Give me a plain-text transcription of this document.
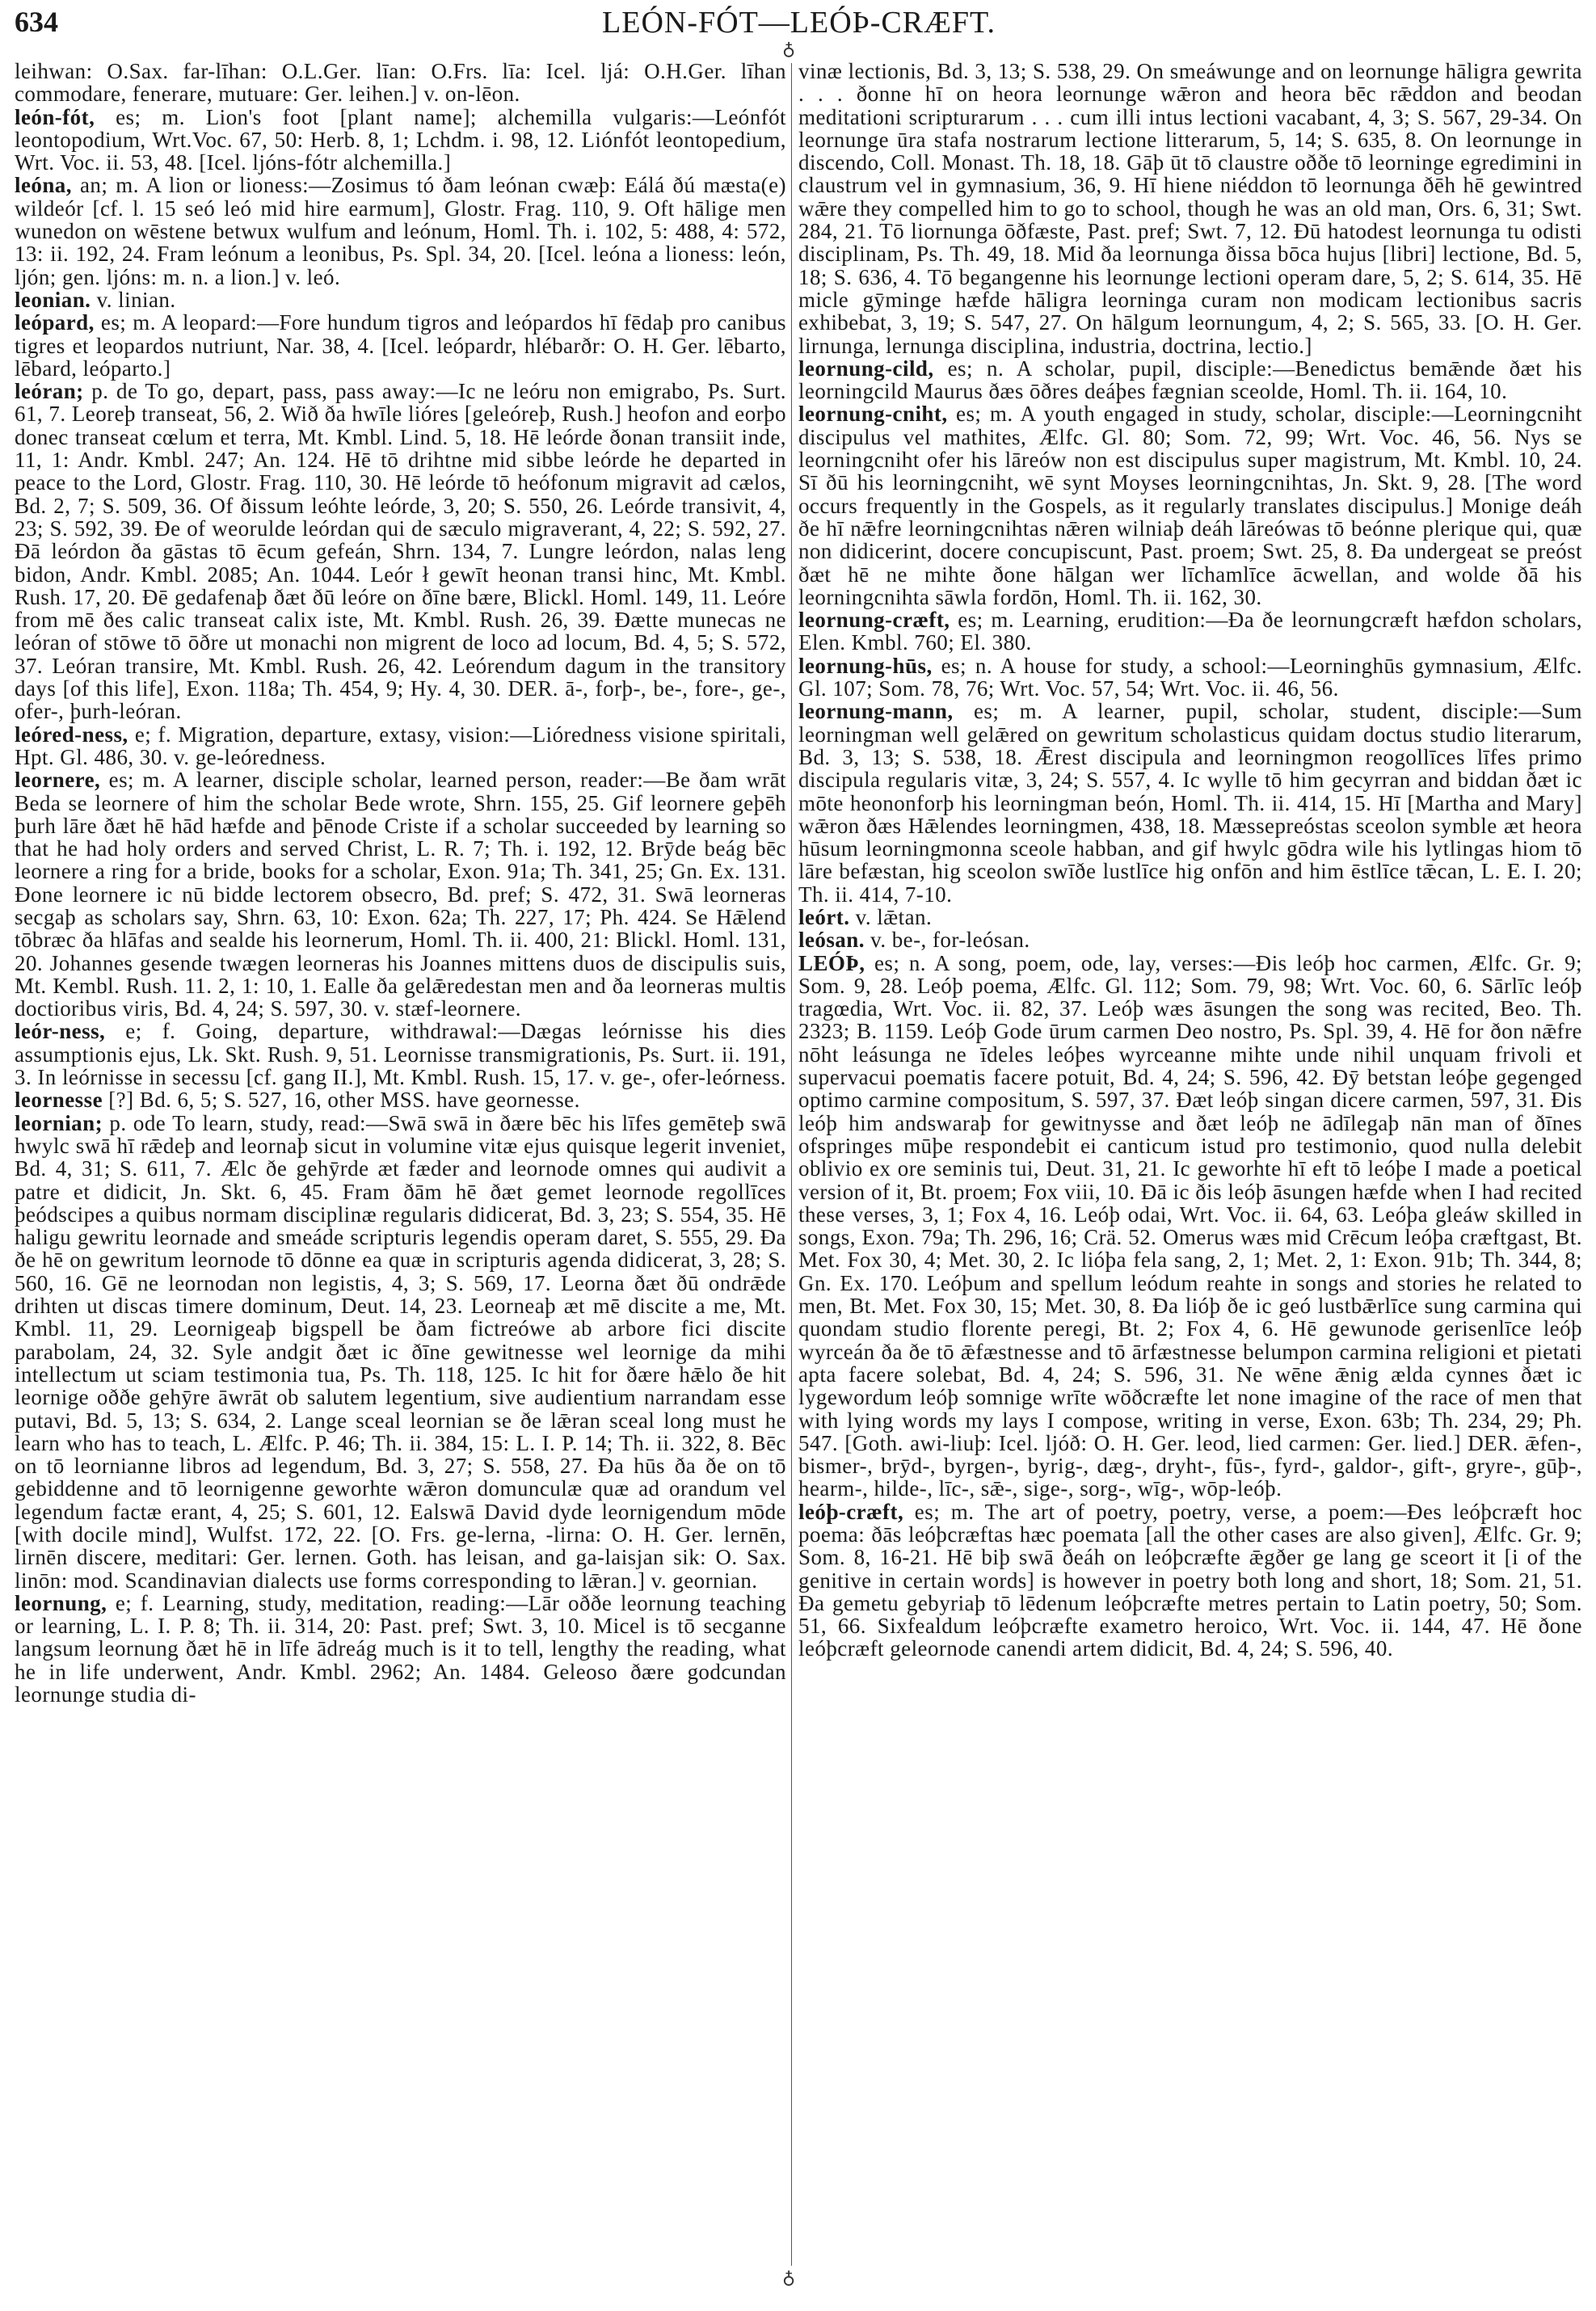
634	LEÓN-FÓT—LEÓÞ-CRÆFT.
♁
♁

leihwan: O.Sax. far-līhan: O.L.Ger. līan: O.Frs. līa: Icel. ljá: O.H.Ger. līhan commodare, fenerare, mutuare: Ger. leihen.] v. on-lēon.

león-fót, es; m. Lion's foot [plant name]; alchemilla vulgaris:—Leónfót leontopodium, Wrt.Voc. 67, 50: Herb. 8, 1; Lchdm. i. 98, 12. Liónfót leontopedium, Wrt. Voc. ii. 53, 48. [Icel. ljóns-fótr alchemilla.]

leóna, an; m. A lion or lioness:—Zosimus tó ðam leónan cwæþ: Eálá ðú mæsta(e) wildeór [cf. l. 15 seó leó mid hire earmum], Glostr. Frag. 110, 9. Oft hālige men wunedon on wēstene betwux wulfum and leónum, Homl. Th. i. 102, 5: 488, 4: 572, 13: ii. 192, 24. Fram leónum a leonibus, Ps. Spl. 34, 20. [Icel. leóna a lioness: león, ljón; gen. ljóns: m. n. a lion.] v. leó.

leonian. v. linian.

leópard, es; m. A leopard:—Fore hundum tigros and leópardos hī fēdaþ pro canibus tigres et leopardos nutriunt, Nar. 38, 4. [Icel. leópardr, hlébarðr: O. H. Ger. lēbarto, lēbard, leóparto.]

leóran; p. de To go, depart, pass, pass away:—Ic ne leóru non emigrabo, Ps. Surt. 61, 7. Leoreþ transeat, 56, 2. Wið ða hwīle lióres [geleóreþ, Rush.] heofon and eorþo donec transeat cœlum et terra, Mt. Kmbl. Lind. 5, 18. Hē leórde ðonan transiit inde, 11, 1: Andr. Kmbl. 247; An. 124. Hē tō drihtne mid sibbe leórde he departed in peace to the Lord, Glostr. Frag. 110, 30. Hē leórde tō heófonum migravit ad cælos, Bd. 2, 7; S. 509, 36. Of ðissum leóhte leórde, 3, 20; S. 550, 26. Leórde transivit, 4, 23; S. 592, 39. Ðe of weorulde leórdan qui de sæculo migraverant, 4, 22; S. 592, 27. Ðā leórdon ða gāstas tō ēcum gefeán, Shrn. 134, 7. Lungre leórdon, nalas leng bidon, Andr. Kmbl. 2085; An. 1044. Leór ł gewīt heonan transi hinc, Mt. Kmbl. Rush. 17, 20. Ðē gedafenaþ ðæt ðū leóre on ðīne bære, Blickl. Homl. 149, 11. Leóre from mē ðes calic transeat calix iste, Mt. Kmbl. Rush. 26, 39. Ðætte munecas ne leóran of stōwe tō ōðre ut monachi non migrent de loco ad locum, Bd. 4, 5; S. 572, 37. Leóran transire, Mt. Kmbl. Rush. 26, 42. Leórendum dagum in the transitory days [of this life], Exon. 118a; Th. 454, 9; Hy. 4, 30. DER. ā-, forþ-, be-, fore-, ge-, ofer-, þurh-leóran.

leóred-ness, e; f. Migration, departure, extasy, vision:—Lióredness visione spiritali, Hpt. Gl. 486, 30. v. ge-leóredness.

leornere, es; m. A learner, disciple scholar, learned person, reader:—Be ðam wrāt Beda se leornere of him the scholar Bede wrote, Shrn. 155, 25. Gif leornere geþēh þurh lāre ðæt hē hād hæfde and þēnode Criste if a scholar succeeded by learning so that he had holy orders and served Christ, L. R. 7; Th. i. 192, 12. Brȳde beág bēc leornere a ring for a bride, books for a scholar, Exon. 91a; Th. 341, 25; Gn. Ex. 131. Ðone leornere ic nū bidde lectorem obsecro, Bd. pref; S. 472, 31. Swā leorneras secgaþ as scholars say, Shrn. 63, 10: Exon. 62a; Th. 227, 17; Ph. 424. Se Hǣlend tōbræc ða hlāfas and sealde his leornerum, Homl. Th. ii. 400, 21: Blickl. Homl. 131, 20. Johannes gesende twægen leorneras his Joannes mittens duos de discipulis suis, Mt. Kembl. Rush. 11. 2, 1: 10, 1. Ealle ða gelǣredestan men and ða leorneras multis doctioribus viris, Bd. 4, 24; S. 597, 30. v. stæf-leornere.

leór-ness, e; f. Going, departure, withdrawal:—Dægas leórnisse his dies assumptionis ejus, Lk. Skt. Rush. 9, 51. Leornisse transmigrationis, Ps. Surt. ii. 191, 3. In leórnisse in secessu [cf. gang II.], Mt. Kmbl. Rush. 15, 17. v. ge-, ofer-leórness.

leornesse [?] Bd. 6, 5; S. 527, 16, other MSS. have geornesse.

leornian; p. ode To learn, study, read:—Swā swā in ðære bēc his līfes gemēteþ swā hwylc swā hī rǣdeþ and leornaþ sicut in volumine vitæ ejus quisque legerit inveniet, Bd. 4, 31; S. 611, 7. Ælc ðe gehȳrde æt fæder and leornode omnes qui audivit a patre et didicit, Jn. Skt. 6, 45. Fram ðām hē ðæt gemet leornode regollīces þeódscipes a quibus normam disciplinæ regularis didicerat, Bd. 3, 23; S. 554, 35. Hē haligu gewritu leornade and smeáde scripturis legendis operam daret, S. 555, 29. Ða ðe hē on gewritum leornode tō dōnne ea quæ in scripturis agenda didicerat, 3, 28; S. 560, 16. Gē ne leornodan non legistis, 4, 3; S. 569, 17. Leorna ðæt ðū ondrǣde drihten ut discas timere dominum, Deut. 14, 23. Leorneaþ æt mē discite a me, Mt. Kmbl. 11, 29. Leornigeaþ bigspell be ðam fictreówe ab arbore fici discite parabolam, 24, 32. Syle andgit ðæt ic ðīne gewitnesse wel leornige da mihi intellectum ut sciam testimonia tua, Ps. Th. 118, 125. Ic hit for ðære hǣlo ðe hit leornige oððe gehȳre āwrāt ob salutem legentium, sive audientium narrandam esse putavi, Bd. 5, 13; S. 634, 2. Lange sceal leornian se ðe lǣran sceal long must he learn who has to teach, L. Ælfc. P. 46; Th. ii. 384, 15: L. I. P. 14; Th. ii. 322, 8. Bēc on tō leornianne libros ad legendum, Bd. 3, 27; S. 558, 27. Ða hūs ða ðe on tō gebiddenne and tō leornigenne geworhte wǣron domunculæ quæ ad orandum vel legendum factæ erant, 4, 25; S. 601, 12. Ealswā David dyde leornigendum mōde [with docile mind], Wulfst. 172, 22. [O. Frs. ge-lerna, -lirna: O. H. Ger. lernēn, lirnēn discere, meditari: Ger. lernen. Goth. has leisan, and ga-laisjan sik: O. Sax. linōn: mod. Scandinavian dialects use forms corresponding to lǣran.] v. geornian.

leornung, e; f. Learning, study, meditation, reading:—Lār oððe leornung teaching or learning, L. I. P. 8; Th. ii. 314, 20: Past. pref; Swt. 3, 10. Micel is tō secganne langsum leornung ðæt hē in līfe ādreág much is it to tell, lengthy the reading, what he in life underwent, Andr. Kmbl. 2962; An. 1484. Geleoso ðære godcundan leornunge studia di-

vinæ lectionis, Bd. 3, 13; S. 538, 29. On smeáwunge and on leornunge hāligra gewrita . . . ðonne hī on heora leornunge wǣron and heora bēc rǣddon and beodan meditationi scripturarum . . . cum illi intus lectioni vacabant, 4, 3; S. 567, 29-34. On leornunge ūra stafa nostrarum lectione litterarum, 5, 14; S. 635, 8. On leornunge in discendo, Coll. Monast. Th. 18, 18. Gāþ ūt tō claustre oððe tō leorninge egredimini in claustrum vel in gymnasium, 36, 9. Hī hiene niéddon tō leornunga ðēh hē gewintred wǣre they compelled him to go to school, though he was an old man, Ors. 6, 31; Swt. 284, 21. Tō liornunga ōðfæste, Past. pref; Swt. 7, 12. Ðū hatodest leornunga tu odisti disciplinam, Ps. Th. 49, 18. Mid ða leornunga ðissa bōca hujus [libri] lectione, Bd. 5, 18; S. 636, 4. Tō begangenne his leornunge lectioni operam dare, 5, 2; S. 614, 35. Hē micle gȳminge hæfde hāligra leorninga curam non modicam lectionibus sacris exhibebat, 3, 19; S. 547, 27. On hālgum leornungum, 4, 2; S. 565, 33. [O. H. Ger. lirnunga, lernunga disciplina, industria, doctrina, lectio.]

leornung-cild, es; n. A scholar, pupil, disciple:—Benedictus bemǣnde ðæt his leorningcild Maurus ðæs ōðres deáþes fægnian sceolde, Homl. Th. ii. 164, 10.

leornung-cniht, es; m. A youth engaged in study, scholar, disciple:—Leorningcniht discipulus vel mathites, Ælfc. Gl. 80; Som. 72, 99; Wrt. Voc. 46, 56. Nys se leorningcniht ofer his lāreów non est discipulus super magistrum, Mt. Kmbl. 10, 24. Sī ðū his leorningcniht, wē synt Moyses leorningcnihtas, Jn. Skt. 9, 28. [The word occurs frequently in the Gospels, as it regularly translates discipulus.] Monige deáh ðe hī nǣfre leorningcnihtas nǣren wilniaþ deáh lāreówas tō beónne plerique qui, quæ non didicerint, docere concupiscunt, Past. proem; Swt. 25, 8. Ða undergeat se preóst ðæt hē ne mihte ðone hālgan wer līchamlīce ācwellan, and wolde ðā his leorningcnihta sāwla fordōn, Homl. Th. ii. 162, 30.

leornung-cræft, es; m. Learning, erudition:—Ða ðe leornungcræft hæfdon scholars, Elen. Kmbl. 760; El. 380.

leornung-hūs, es; n. A house for study, a school:—Leorninghūs gymnasium, Ælfc. Gl. 107; Som. 78, 76; Wrt. Voc. 57, 54; Wrt. Voc. ii. 46, 56.

leornung-mann, es; m. A learner, pupil, scholar, student, disciple:—Sum leorningman well gelǣred on gewritum scholasticus quidam doctus studio literarum, Bd. 3, 13; S. 538, 18. Ǣrest discipula and leorningmon reogollīces līfes primo discipula regularis vitæ, 3, 24; S. 557, 4. Ic wylle tō him gecyrran and biddan ðæt ic mōte heononforþ his leorningman beón, Homl. Th. ii. 414, 15. Hī [Martha and Mary] wǣron ðæs Hǣlendes leorningmen, 438, 18. Mæssepreóstas sceolon symble æt heora hūsum leorningmonna sceole habban, and gif hwylc gōdra wile his lytlingas hiom tō lāre befæstan, hig sceolon swīðe lustlīce hig onfōn and him ēstlīce tǣcan, L. E. I. 20; Th. ii. 414, 7-10.

leórt. v. lǣtan.

leósan. v. be-, for-leósan.

LEÓÞ, es; n. A song, poem, ode, lay, verses:—Ðis leóþ hoc carmen, Ælfc. Gr. 9; Som. 9, 28. Leóþ poema, Ælfc. Gl. 112; Som. 79, 98; Wrt. Voc. 60, 6. Sārlīc leóþ tragœdia, Wrt. Voc. ii. 82, 37. Leóþ wæs āsungen the song was recited, Beo. Th. 2323; B. 1159. Leóþ Gode ūrum carmen Deo nostro, Ps. Spl. 39, 4. Hē for ðon nǣfre nōht leásunga ne īdeles leóþes wyrceanne mihte unde nihil unquam frivoli et supervacui poematis facere potuit, Bd. 4, 24; S. 596, 42. Ðȳ betstan leóþe gegenged optimo carmine compositum, S. 597, 37. Ðæt leóþ singan dicere carmen, 597, 31. Ðis leóþ him andswaraþ for gewitnysse and ðæt leóþ ne ādīlegaþ nān man of ðīnes ofspringes mūþe respondebit ei canticum istud pro testimonio, quod nulla delebit oblivio ex ore seminis tui, Deut. 31, 21. Ic geworhte hī eft tō leóþe I made a poetical version of it, Bt. proem; Fox viii, 10. Ðā ic ðis leóþ āsungen hæfde when I had recited these verses, 3, 1; Fox 4, 16. Leóþ odai, Wrt. Voc. ii. 64, 63. Leóþa gleáw skilled in songs, Exon. 79a; Th. 296, 16; Crä. 52. Omerus wæs mid Crēcum leóþa cræftgast, Bt. Met. Fox 30, 4; Met. 30, 2. Ic lióþa fela sang, 2, 1; Met. 2, 1: Exon. 91b; Th. 344, 8; Gn. Ex. 170. Leóþum and spellum leódum reahte in songs and stories he related to men, Bt. Met. Fox 30, 15; Met. 30, 8. Ða lióþ ðe ic geó lustbǣrlīce sung carmina qui quondam studio florente peregi, Bt. 2; Fox 4, 6. Hē gewunode gerisenlīce leóþ wyrceán ða ðe tō ǣfæstnesse and tō ārfæstnesse belumpon carmina religioni et pietati apta facere solebat, Bd. 4, 24; S. 596, 31. Ne wēne ǣnig ælda cynnes ðæt ic lygewordum leóþ somnige wrīte wōðcræfte let none imagine of the race of men that with lying words my lays I compose, writing in verse, Exon. 63b; Th. 234, 29; Ph. 547. [Goth. awi-liuþ: Icel. ljóð: O. H. Ger. leod, lied carmen: Ger. lied.] DER. ǣfen-, bismer-, brȳd-, byrgen-, byrig-, dæg-, dryht-, fūs-, fyrd-, galdor-, gift-, gryre-, gūþ-, hearm-, hilde-, līc-, sǣ-, sige-, sorg-, wīg-, wōp-leóþ.

leóþ-cræft, es; m. The art of poetry, poetry, verse, a poem:—Ðes leóþcræft hoc poema: ðās leóþcræftas hæc poemata [all the other cases are also given], Ælfc. Gr. 9; Som. 8, 16-21. Hē biþ swā ðeáh on leóþcræfte ǣgðer ge lang ge sceort it [i of the genitive in certain words] is however in poetry both long and short, 18; Som. 21, 51. Ða gemetu gebyriaþ tō lēdenum leóþcræfte metres pertain to Latin poetry, 50; Som. 51, 66. Sixfealdum leóþcræfte exametro heroico, Wrt. Voc. ii. 144, 47. Hē ðone leóþcræft geleornode canendi artem didicit, Bd. 4, 24; S. 596, 40.
